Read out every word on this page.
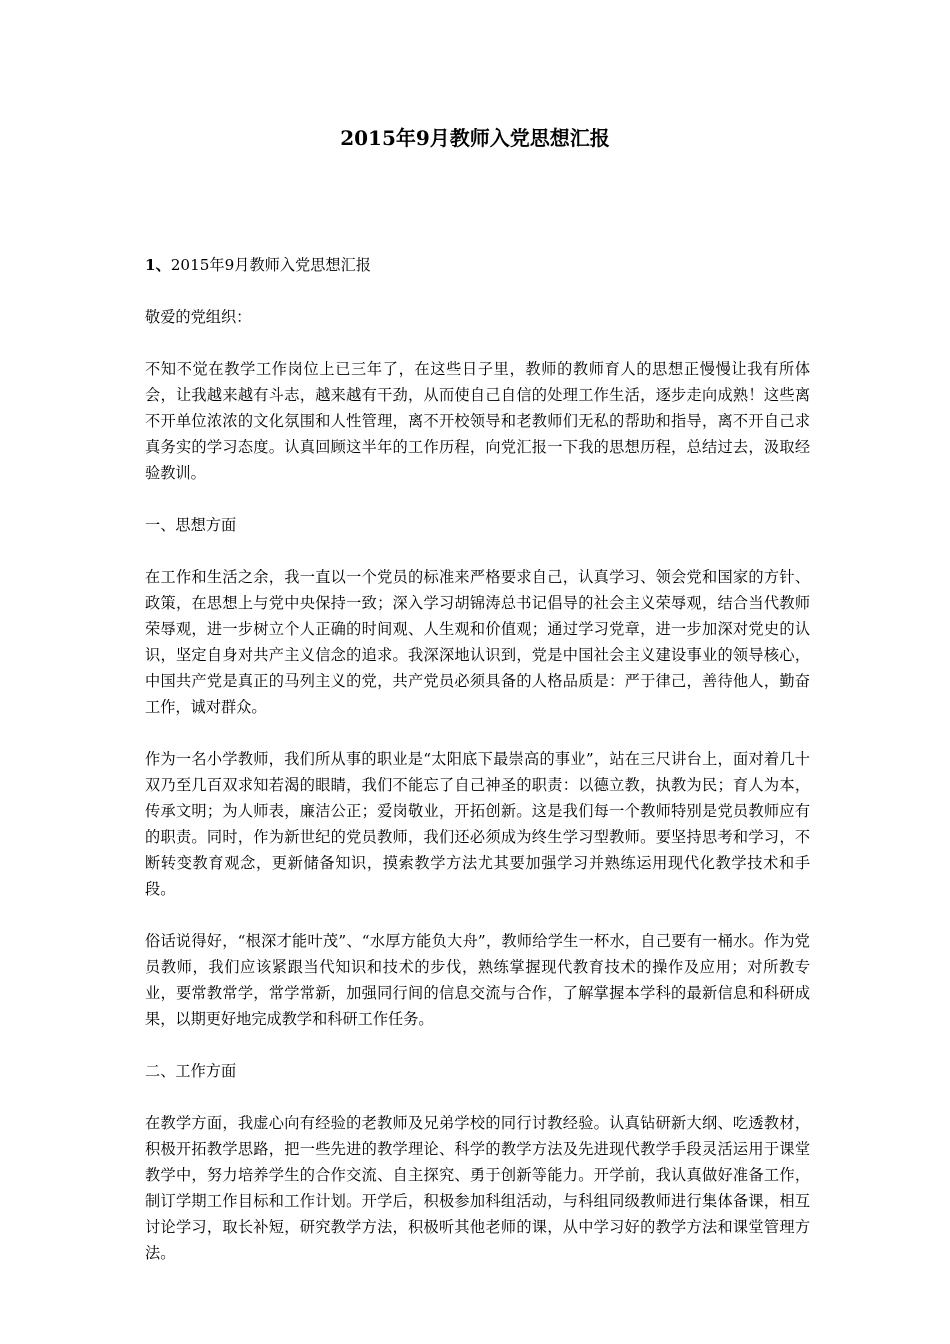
2015年9月教师入党思想汇报

1、2015年9月教师入党思想汇报

敬爱的党组织：

不知不觉在教学工作岗位上已三年了，在这些日子里，教师的教师育人的思想正慢慢让我有所体会，让我越来越有斗志，越来越有干劲，从而使自己自信的处理工作生活，逐步走向成熟！这些离不开单位浓浓的文化氛围和人性管理，离不开校领导和老教师们无私的帮助和指导，离不开自己求真务实的学习态度。认真回顾这半年的工作历程，向党汇报一下我的思想历程，总结过去，汲取经验教训。

一、思想方面

在工作和生活之余，我一直以一个党员的标准来严格要求自己，认真学习、领会党和国家的方针、政策，在思想上与党中央保持一致；深入学习胡锦涛总书记倡导的社会主义荣辱观，结合当代教师荣辱观，进一步树立个人正确的时间观、人生观和价值观；通过学习党章，进一步加深对党史的认识，坚定自身对共产主义信念的追求。我深深地认识到，党是中国社会主义建设事业的领导核心，中国共产党是真正的马列主义的党，共产党员必须具备的人格品质是：严于律己，善待他人，勤奋工作，诚对群众。

作为一名小学教师，我们所从事的职业是“太阳底下最崇高的事业”，站在三尺讲台上，面对着几十双乃至几百双求知若渴的眼睛，我们不能忘了自己神圣的职责：以德立教，执教为民；育人为本，传承文明；为人师表，廉洁公正；爱岗敬业，开拓创新。这是我们每一个教师特别是党员教师应有的职责。同时，作为新世纪的党员教师，我们还必须成为终生学习型教师。要坚持思考和学习，不断转变教育观念，更新储备知识，摸索教学方法尤其要加强学习并熟练运用现代化教学技术和手段。

俗话说得好，“根深才能叶茂”、“水厚方能负大舟”，教师给学生一杯水，自己要有一桶水。作为党员教师，我们应该紧跟当代知识和技术的步伐，熟练掌握现代教育技术的操作及应用；对所教专业，要常教常学，常学常新，加强同行间的信息交流与合作，了解掌握本学科的最新信息和科研成果，以期更好地完成教学和科研工作任务。

二、工作方面

在教学方面，我虚心向有经验的老教师及兄弟学校的同行讨教经验。认真钻研新大纲、吃透教材，积极开拓教学思路，把一些先进的教学理论、科学的教学方法及先进现代教学手段灵活运用于课堂教学中，努力培养学生的合作交流、自主探究、勇于创新等能力。开学前，我认真做好准备工作，制订学期工作目标和工作计划。开学后，积极参加科组活动，与科组同级教师进行集体备课，相互讨论学习，取长补短，研究教学方法，积极听其他老师的课，从中学习好的教学方法和课堂管理方法。
